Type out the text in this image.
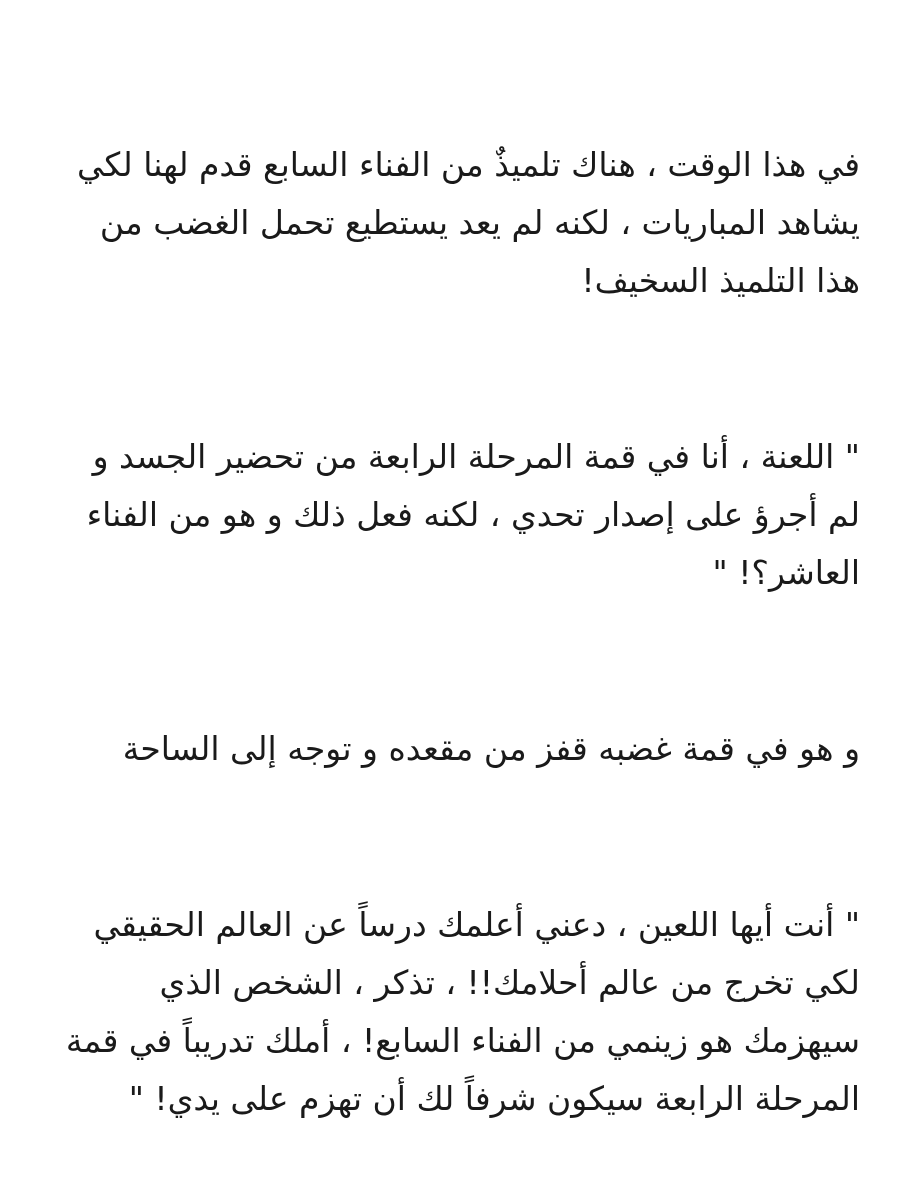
في هذا الوقت ، هناك تلميذٌ من الفناء السابع قدم لهنا لكي يشاهد المباريات ، لكنه لم يعد يستطيع تحمل الغضب من هذا التلميذ السخيف!

" اللعنة ، أنا في قمة المرحلة الرابعة من تحضير الجسد و لم أجرؤ على إصدار تحدي ، لكنه فعل ذلك و هو من الفناء العاشر؟! "

و هو في قمة غضبه قفز من مقعده و توجه إلى الساحة

" أنت أيها اللعين ، دعني أعلمك درساً عن العالم الحقيقي لكي تخرج من عالم أحلامك!! ، تذكر ، الشخص الذي سيهزمك هو زينمي من الفناء السابع! ، أملك تدريباً في قمة المرحلة الرابعة سيكون شرفاً لك أن تهزم على يدي! "
